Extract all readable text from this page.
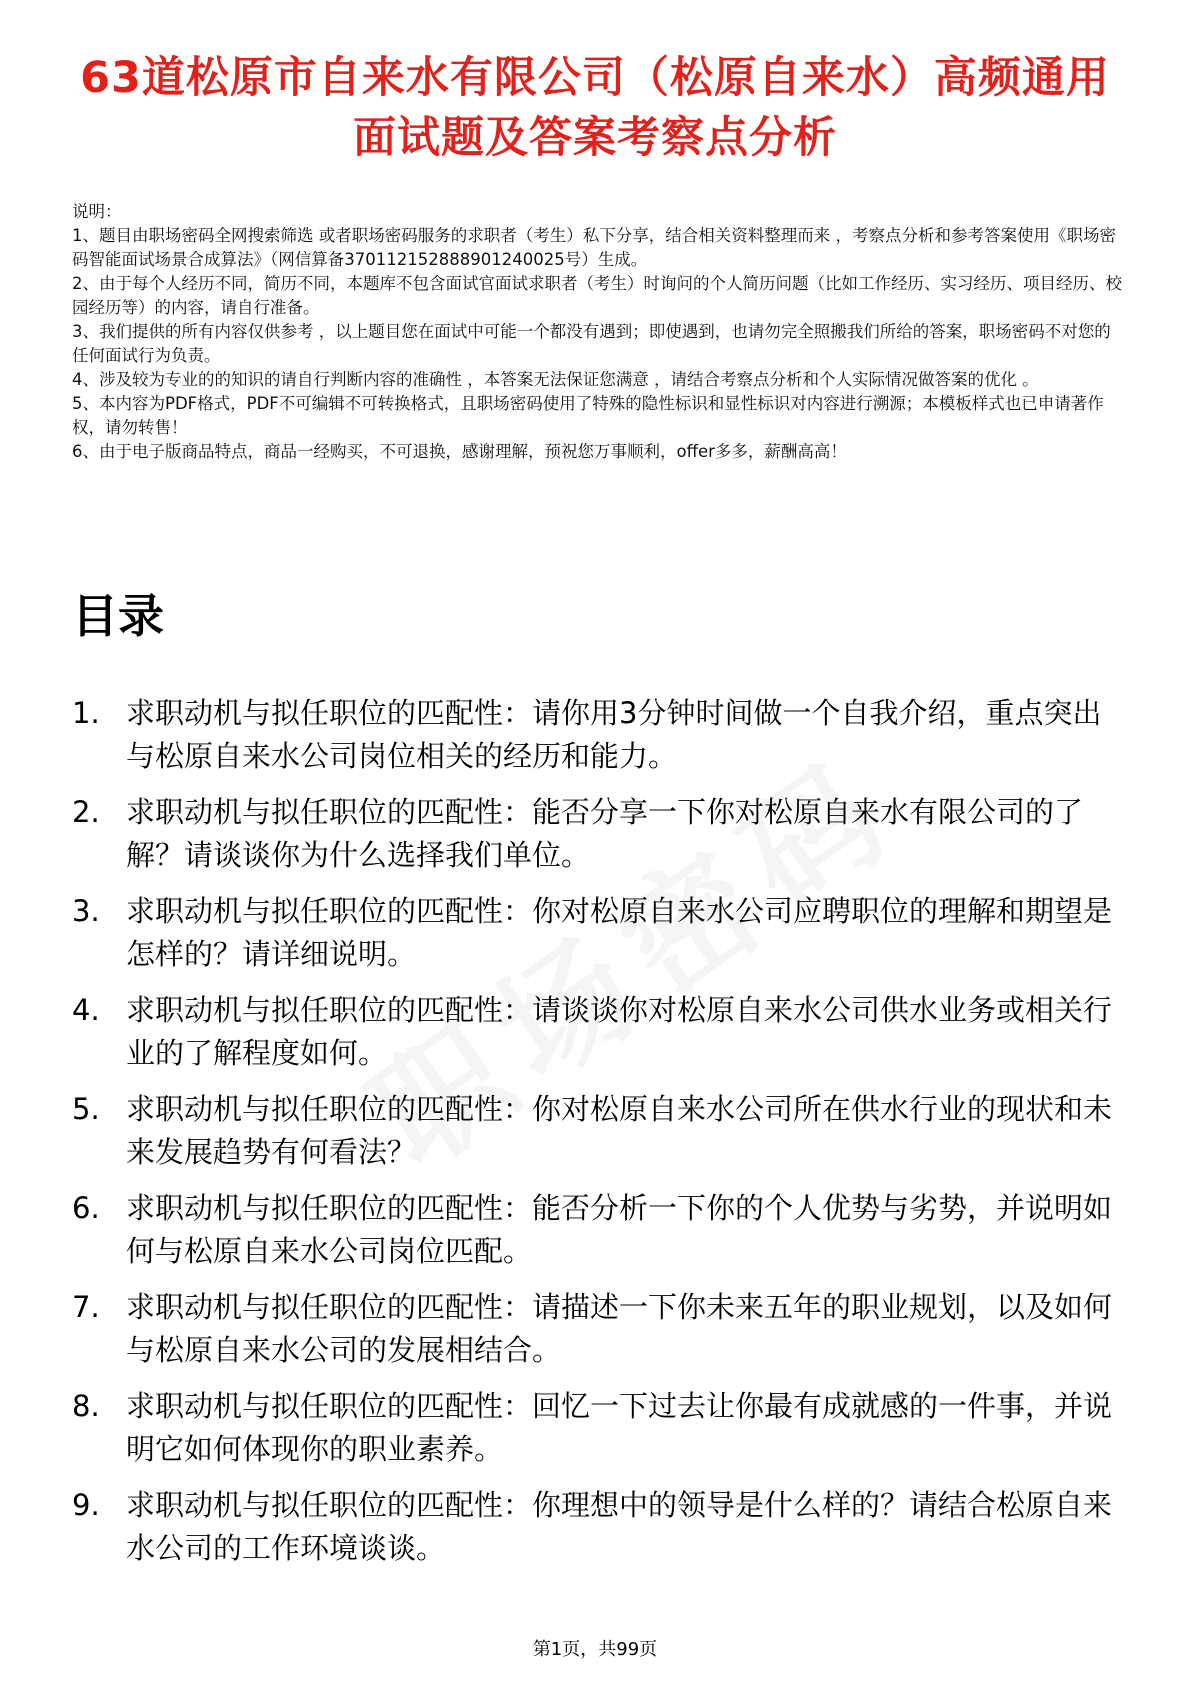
63道松原市自来水有限公司（松原自来水）高频通用面试题及答案考察点分析
说明：
1、题目由职场密码全网搜索筛选 或者职场密码服务的求职者（考生）私下分享，结合相关资料整理而来 ，考察点分析和参考答案使用《职场密码智能面试场景合成算法》（网信算备370112152888901240025号）生成。
2、由于每个人经历不同，简历不同，本题库不包含面试官面试求职者（考生）时询问的个人简历问题（比如工作经历、实习经历、项目经历、校园经历等）的内容，请自行准备。
3、我们提供的所有内容仅供参考 ，以上题目您在面试中可能一个都没有遇到；即使遇到，也请勿完全照搬我们所给的答案，职场密码不对您的任何面试行为负责。
4、涉及较为专业的的知识的请自行判断内容的准确性 ，本答案无法保证您满意 ，请结合考察点分析和个人实际情况做答案的优化 。
5、本内容为PDF格式，PDF不可编辑不可转换格式，且职场密码使用了特殊的隐性标识和显性标识对内容进行溯源；本模板样式也已申请著作权，请勿转售！
6、由于电子版商品特点，商品一经购买，不可退换，感谢理解，预祝您万事顺利，offer多多，薪酬高高！
目录
1. 求职动机与拟任职位的匹配性：请你用3分钟时间做一个自我介绍，重点突出与松原自来水公司岗位相关的经历和能力。
2. 求职动机与拟任职位的匹配性：能否分享一下你对松原自来水有限公司的了解？请谈谈你为什么选择我们单位。
3. 求职动机与拟任职位的匹配性：你对松原自来水公司应聘职位的理解和期望是怎样的？请详细说明。
4. 求职动机与拟任职位的匹配性：请谈谈你对松原自来水公司供水业务或相关行业的了解程度如何。
5. 求职动机与拟任职位的匹配性：你对松原自来水公司所在供水行业的现状和未来发展趋势有何看法？
6. 求职动机与拟任职位的匹配性：能否分析一下你的个人优势与劣势，并说明如何与松原自来水公司岗位匹配。
7. 求职动机与拟任职位的匹配性：请描述一下你未来五年的职业规划，以及如何与松原自来水公司的发展相结合。
8. 求职动机与拟任职位的匹配性：回忆一下过去让你最有成就感的一件事，并说明它如何体现你的职业素养。
9. 求职动机与拟任职位的匹配性：你理想中的领导是什么样的？请结合松原自来水公司的工作环境谈谈。
第1页，共99页
